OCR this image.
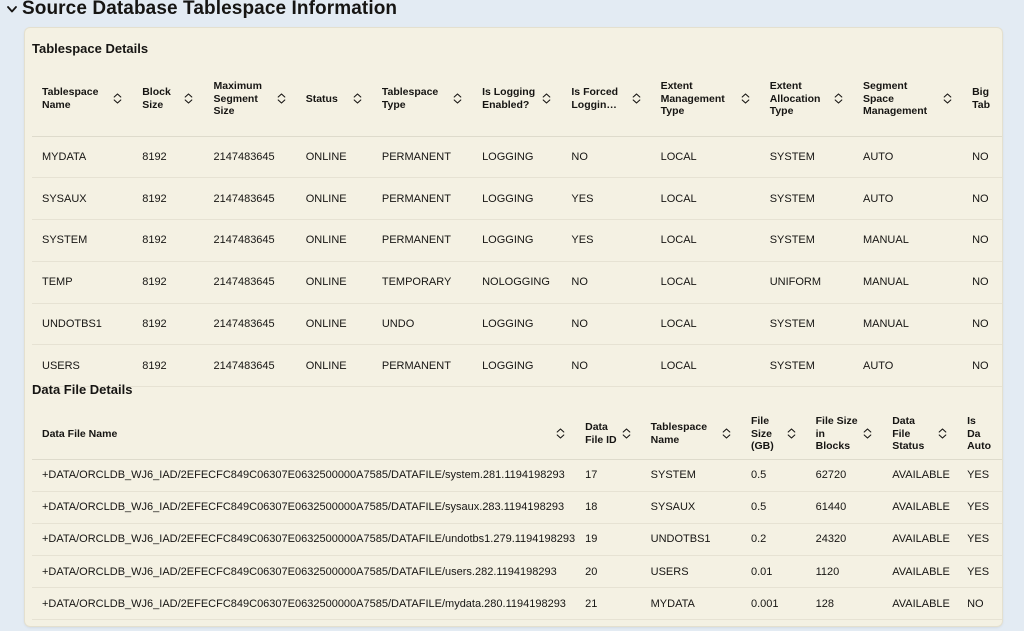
Source Database Tablespace Information
Tablespace Details
Tablespace Name	Block Size	Maximum Segment Size	Status	Tablespace Type	Is Logging Enabled?	Is Forced Loggin…	Extent Management Type	Extent Allocation Type	Segment Space Management	Big Tab

MYDATA	8192	2147483645	ONLINE	PERMANENT	LOGGING	NO	LOCAL	SYSTEM	AUTO	NO
SYSAUX	8192	2147483645	ONLINE	PERMANENT	LOGGING	YES	LOCAL	SYSTEM	AUTO	NO
SYSTEM	8192	2147483645	ONLINE	PERMANENT	LOGGING	YES	LOCAL	SYSTEM	MANUAL	NO
TEMP	8192	2147483645	ONLINE	TEMPORARY	NOLOGGING	NO	LOCAL	UNIFORM	MANUAL	NO
UNDOTBS1	8192	2147483645	ONLINE	UNDO	LOGGING	NO	LOCAL	SYSTEM	MANUAL	NO
USERS	8192	2147483645	ONLINE	PERMANENT	LOGGING	NO	LOCAL	SYSTEM	AUTO	NO
Data File Details
Data File Name	Data File ID	Tablespace Name	File Size (GB)	File Size in Blocks	Data File Status	Is Da Auto

+DATA/ORCLDB_WJ6_IAD/2EFECFC849C06307E0632500000A7585/DATAFILE/system.281.1194198293	17	SYSTEM	0.5	62720	AVAILABLE	YES
+DATA/ORCLDB_WJ6_IAD/2EFECFC849C06307E0632500000A7585/DATAFILE/sysaux.283.1194198293	18	SYSAUX	0.5	61440	AVAILABLE	YES
+DATA/ORCLDB_WJ6_IAD/2EFECFC849C06307E0632500000A7585/DATAFILE/undotbs1.279.1194198293	19	UNDOTBS1	0.2	24320	AVAILABLE	YES
+DATA/ORCLDB_WJ6_IAD/2EFECFC849C06307E0632500000A7585/DATAFILE/users.282.1194198293	20	USERS	0.01	1120	AVAILABLE	YES
+DATA/ORCLDB_WJ6_IAD/2EFECFC849C06307E0632500000A7585/DATAFILE/mydata.280.1194198293	21	MYDATA	0.001	128	AVAILABLE	NO
